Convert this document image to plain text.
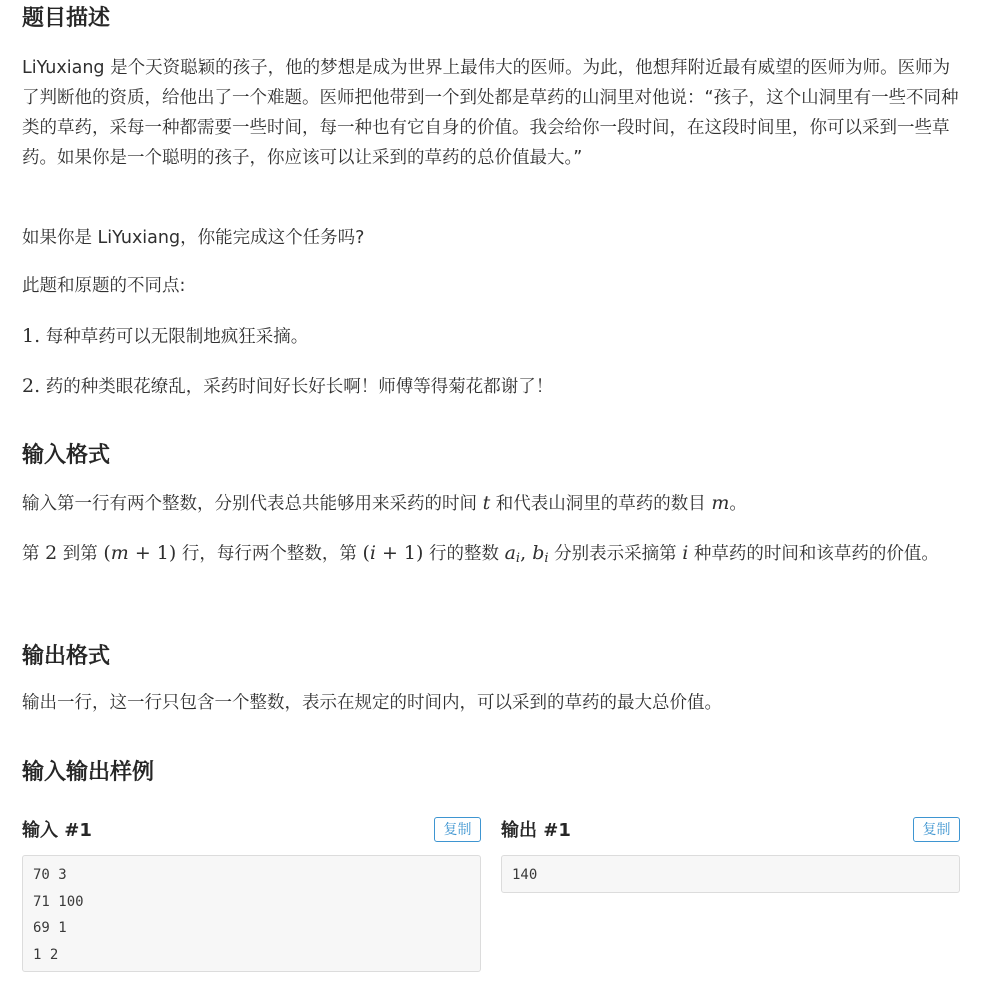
题目描述

LiYuxiang 是个天资聪颖的孩子，他的梦想是成为世界上最伟大的医师。为此，他想拜附近最有威望的医师为师。医师为了判断他的资质，给他出了一个难题。医师把他带到一个到处都是草药的山洞里对他说：“孩子，这个山洞里有一些不同种类的草药，采每一种都需要一些时间，每一种也有它自身的价值。我会给你一段时间，在这段时间里，你可以采到一些草药。如果你是一个聪明的孩子，你应该可以让采到的草药的总价值最大。”

如果你是 LiYuxiang，你能完成这个任务吗?

此题和原题的不同点:

1. 每种草药可以无限制地疯狂采摘。

2. 药的种类眼花缭乱，采药时间好长好长啊！师傅等得菊花都谢了！

输入格式

输入第一行有两个整数，分别代表总共能够用来采药的时间 t 和代表山洞里的草药的数目 m。

第 2 到第 (m + 1) 行，每行两个整数，第 (i + 1) 行的整数 $a_i$, $b_i$ 分别表示采摘第 i 种草药的时间和该草药的价值。

输出格式

输出一行，这一行只包含一个整数，表示在规定的时间内，可以采到的草药的最大总价值。

输入输出样例
输入 #1	复制
70 3
71 100
69 1
1 2
输出 #1	复制
140
